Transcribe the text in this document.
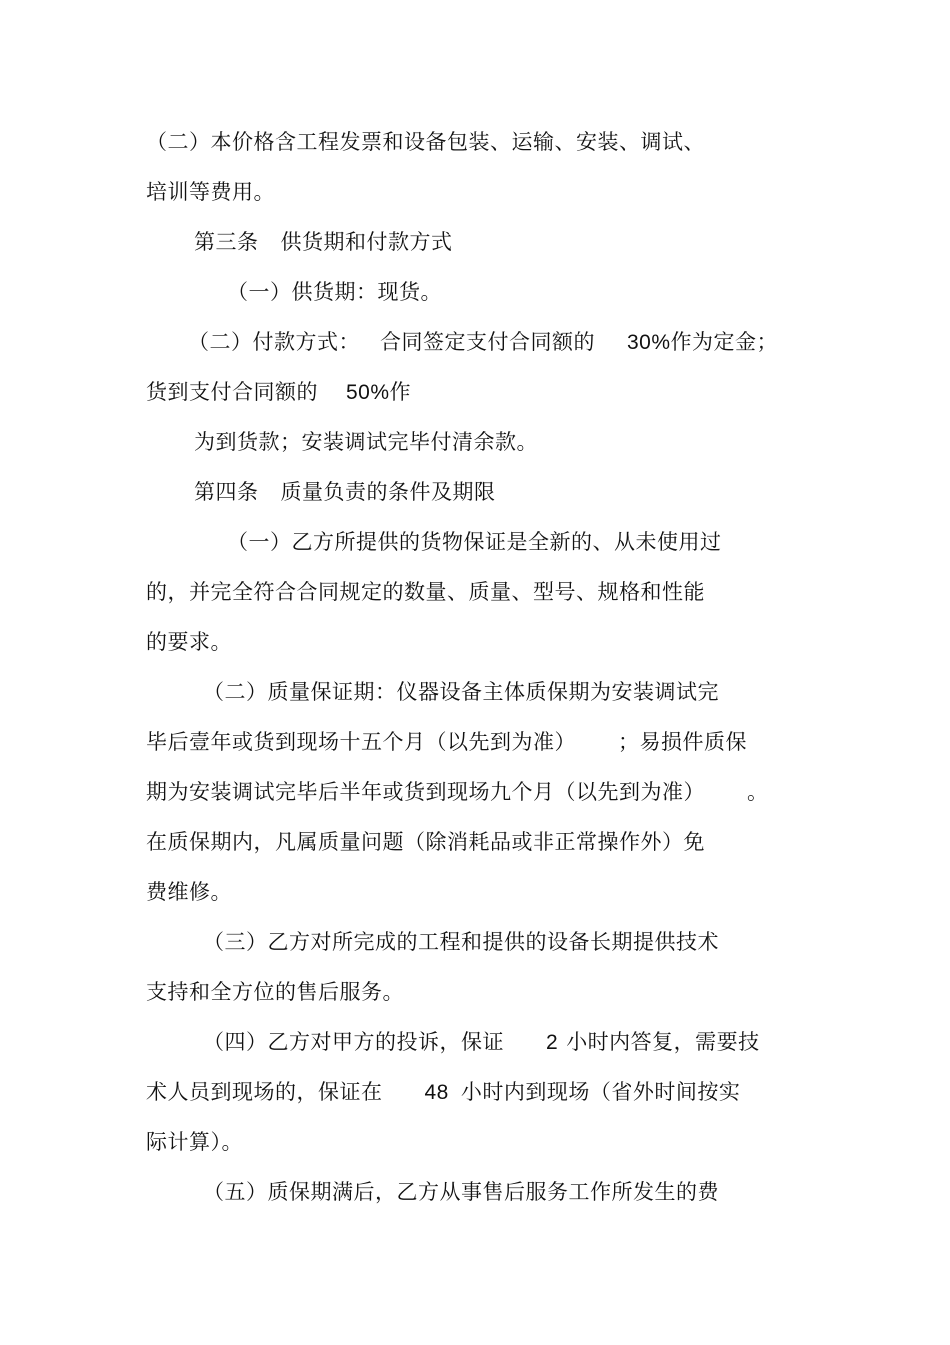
（二）本价格含工程发票和设备包装、运输、安装、调试、

培训等费用。

第三条 供货期和付款方式

（一）供货期：现货。

（二）付款方式： 合同签定支付合同额的 30%作为定金；

货到支付合同额的 50%作

为到货款；安装调试完毕付清余款。

第四条 质量负责的条件及期限

（一）乙方所提供的货物保证是全新的、从未使用过

的，并完全符合合同规定的数量、质量、型号、规格和性能

的要求。

（二）质量保证期：仪器设备主体质保期为安装调试完

毕后壹年或货到现场十五个月（以先到为准） ；易损件质保

期为安装调试完毕后半年或货到现场九个月（以先到为准） 。

在质保期内，凡属质量问题（除消耗品或非正常操作外）免

费维修。

（三）乙方对所完成的工程和提供的设备长期提供技术

支持和全方位的售后服务。

（四）乙方对甲方的投诉，保证 2 小时内答复，需要技

术人员到现场的，保证在 48 小时内到现场（省外时间按实

际计算）。

（五）质保期满后，乙方从事售后服务工作所发生的费
